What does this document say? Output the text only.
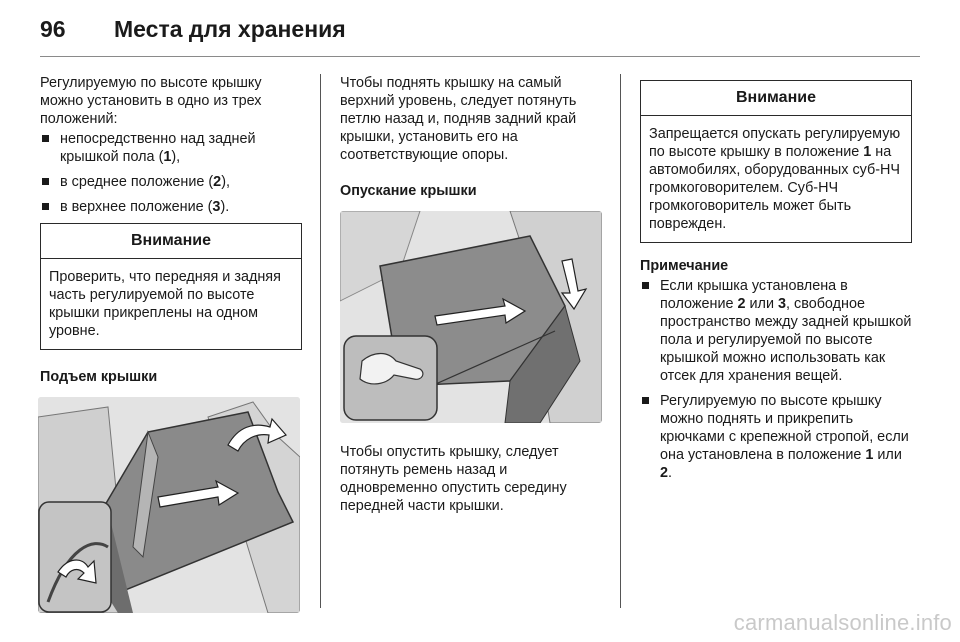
96 Места для хранения

Регулируемую по высоте крышку можно установить в одно из трех положений:

непосредственно над задней крышкой пола (1),
в среднее положение (2),
в верхнее положение (3).
Внимание
Проверить, что передняя и задняя часть регулируемой по высоте крышки прикреплены на одном уровне.
Подъем крышки

Чтобы поднять крышку на самый верхний уровень, следует потянуть петлю назад и, подняв задний край крышки, установить его на соответствующие опоры.

Опускание крышки

Чтобы опустить крышку, следует потянуть ремень назад и одновременно опустить середину передней части крышки.

Внимание
Запрещается опускать регулируемую по высоте крышку в положение 1 на автомобилях, оборудованных суб-НЧ громкоговорителем. Суб-НЧ громкоговоритель может быть поврежден.
Примечание
Если крышка установлена в положение 2 или 3, свободное пространство между задней крышкой пола и регулируемой по высоте крышкой можно использовать как отсек для хранения вещей.
Регулируемую по высоте крышку можно поднять и прикрепить крючками с крепежной стропой, если она установлена в положение 1 или 2.
carmanualsonline.info
